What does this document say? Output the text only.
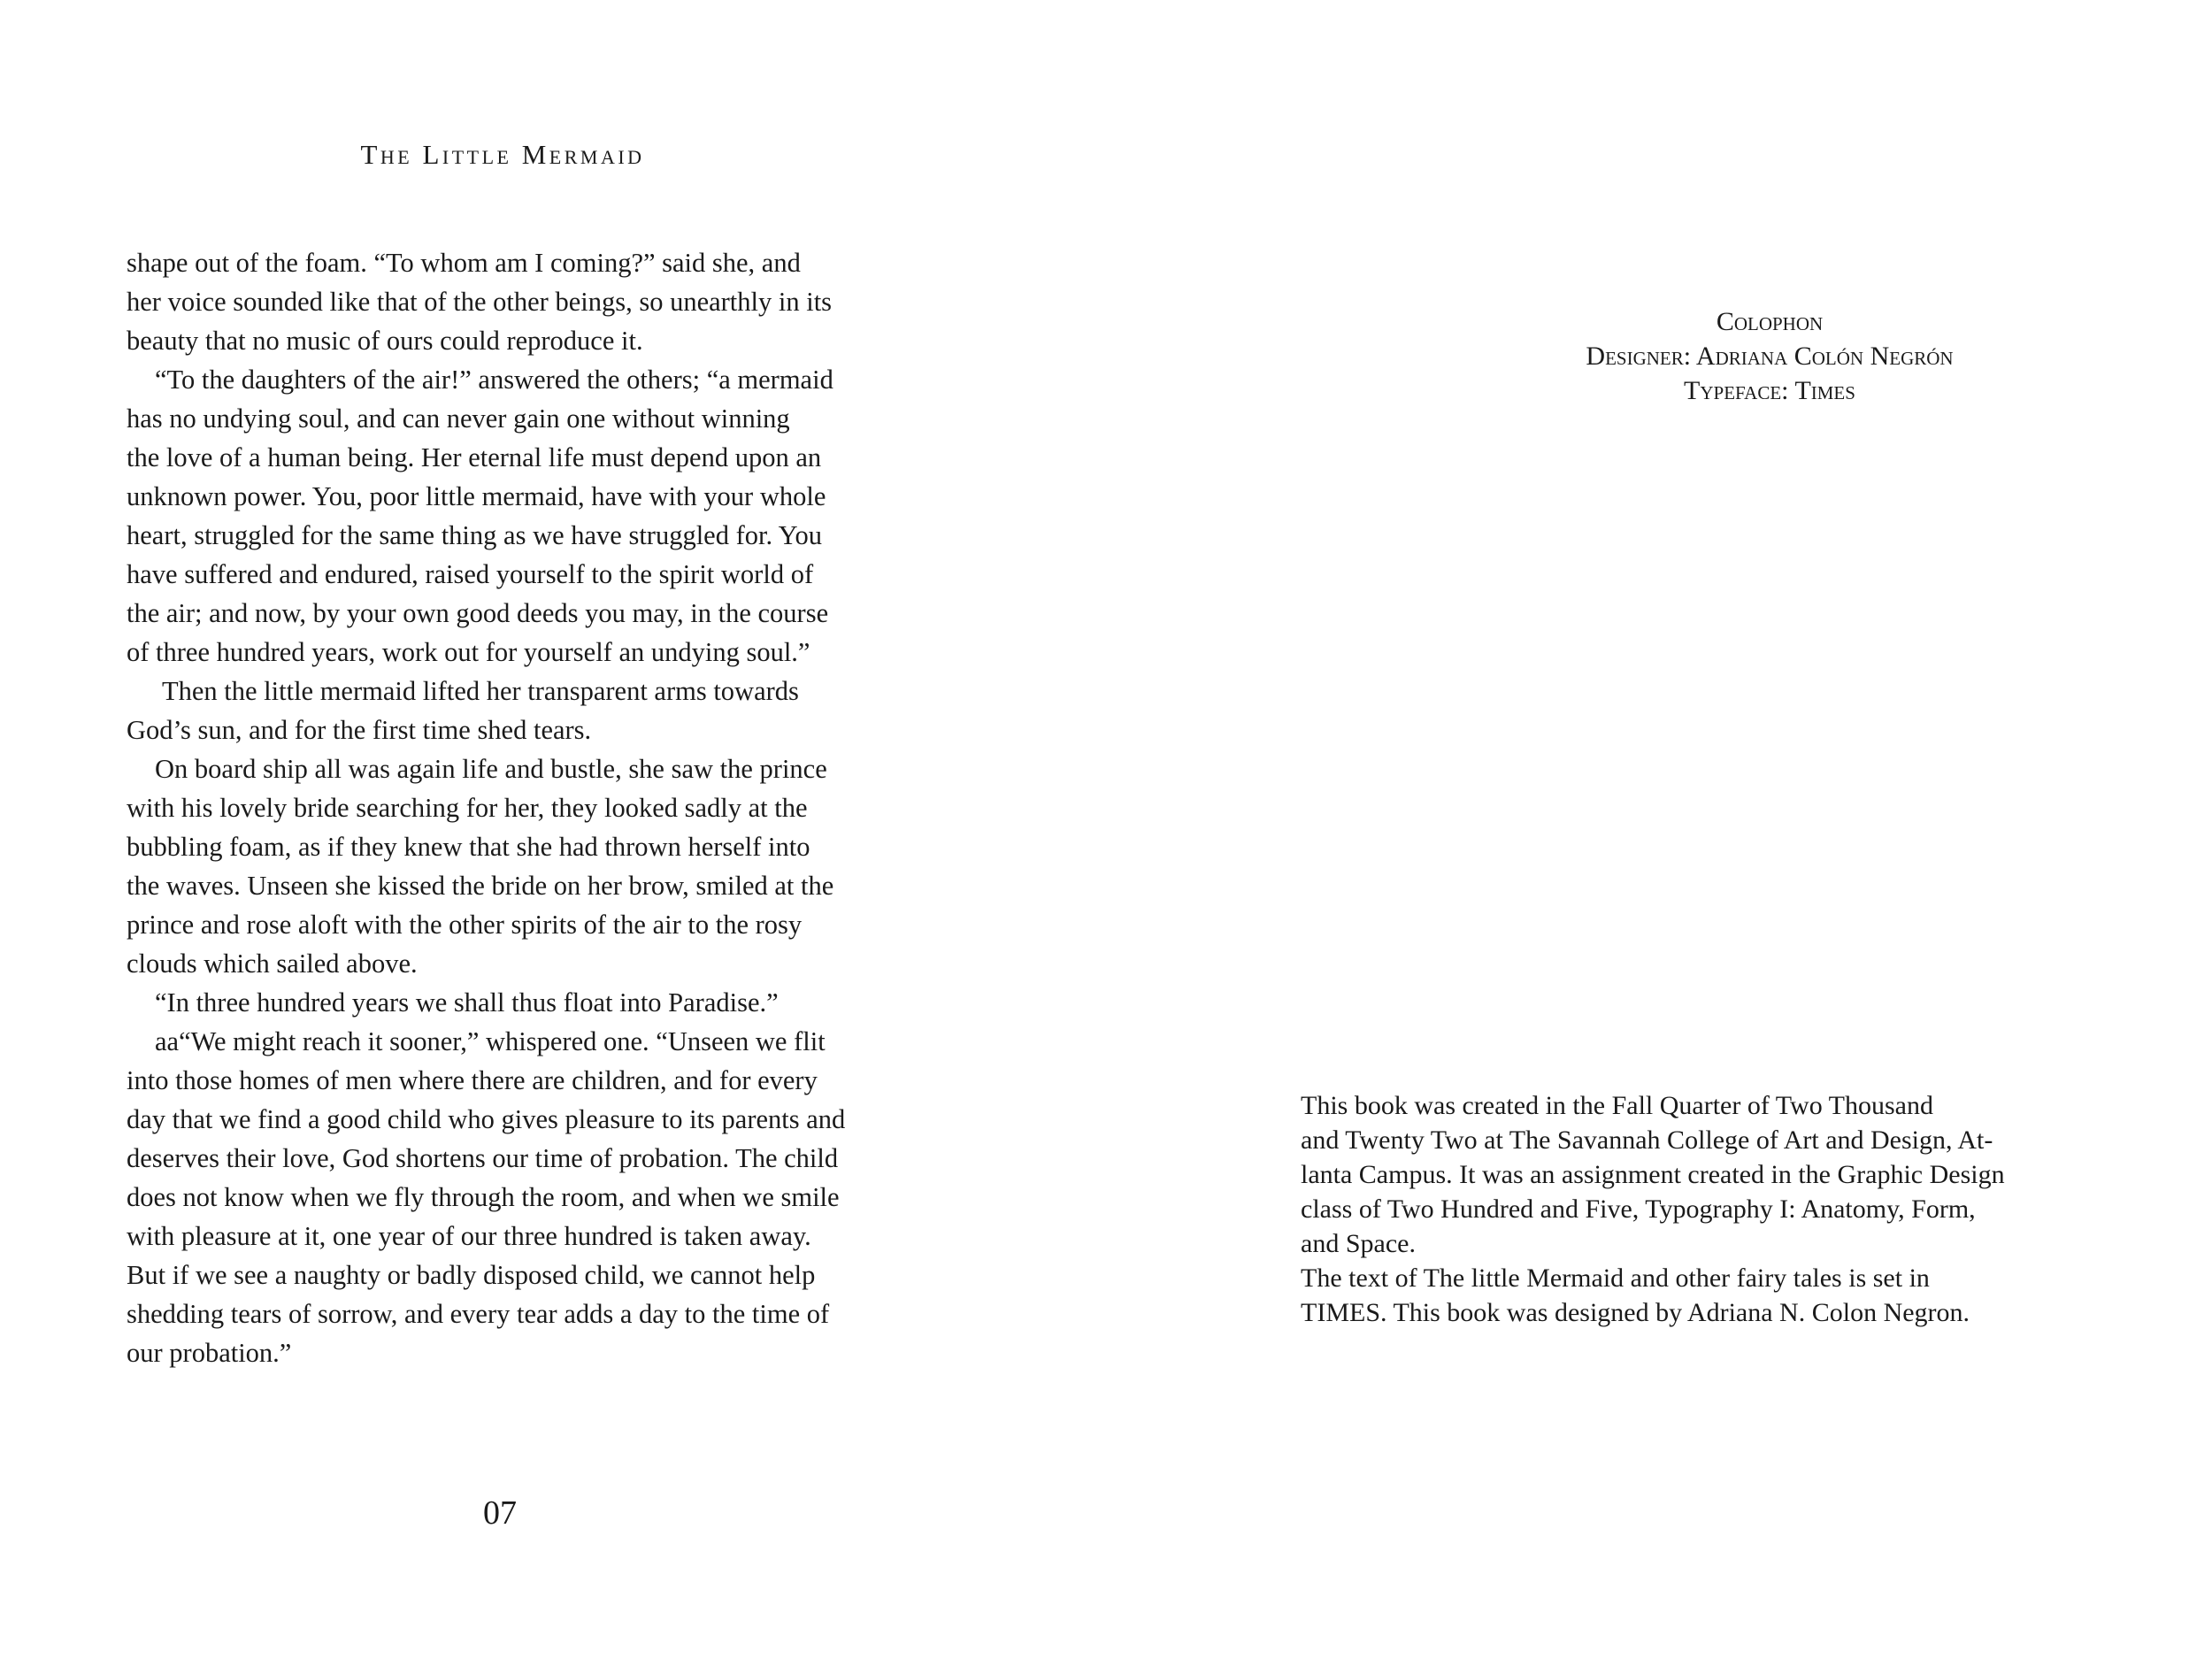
The Little Mermaid

shape out of the foam. “To whom am I coming?” said she, and

her voice sounded like that of the other beings, so unearthly in its

beauty that no music of ours could reproduce it.

“To the daughters of the air!” answered the others; “a mermaid

has no undying soul, and can never gain one without winning

the love of a human being. Her eternal life must depend upon an

unknown power. You, poor little mermaid, have with your whole

heart, struggled for the same thing as we have struggled for. You

have suffered and endured, raised yourself to the spirit world of

the air; and now, by your own good deeds you may, in the course

of three hundred years, work out for yourself an undying soul.”

Then the little mermaid lifted her transparent arms towards

God’s sun, and for the first time shed tears.

On board ship all was again life and bustle, she saw the prince

with his lovely bride searching for her, they looked sadly at the

bubbling foam, as if they knew that she had thrown herself into

the waves. Unseen she kissed the bride on her brow, smiled at the

prince and rose aloft with the other spirits of the air to the rosy

clouds which sailed above.

“In three hundred years we shall thus float into Paradise.”

aa“We might reach it sooner,” whispered one. “Unseen we flit

into those homes of men where there are children, and for every

day that we find a good child who gives pleasure to its parents and

deserves their love, God shortens our time of probation. The child

does not know when we fly through the room, and when we smile

with pleasure at it, one year of our three hundred is taken away.

But if we see a naughty or badly disposed child, we cannot help

shedding tears of sorrow, and every tear adds a day to the time of

our probation.”

07
Colophon
Designer: Adriana Colón Negrón
Typeface: Times
This book was created in the Fall Quarter of Two Thousand
and Twenty Two at The Savannah College of Art and Design, At-
lanta Campus. It was an assignment created in the Graphic Design
class of Two Hundred and Five, Typography I: Anatomy, Form,
and Space.
The text of The little Mermaid and other fairy tales is set in
TIMES. This book was designed by Adriana N. Colon Negron.
